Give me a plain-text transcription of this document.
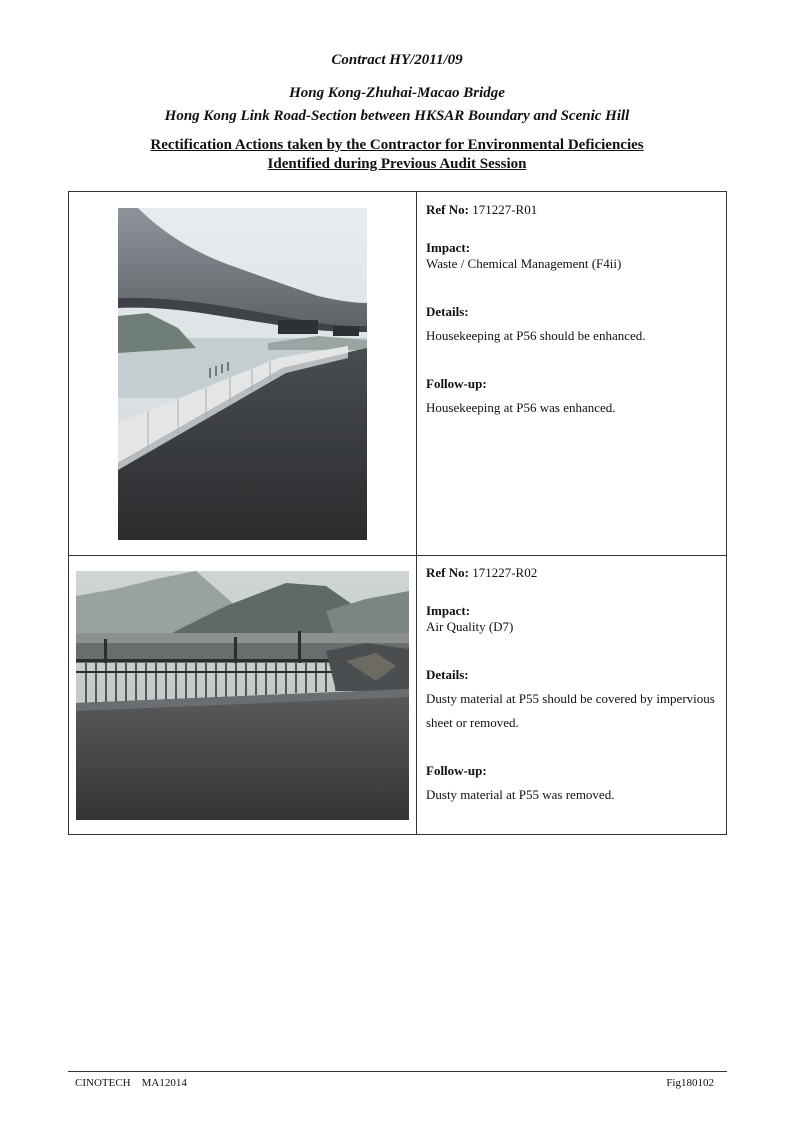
Contract HY/2011/09
Hong Kong-Zhuhai-Macao Bridge
Hong Kong Link Road-Section between HKSAR Boundary and Scenic Hill
Rectification Actions taken by the Contractor for Environmental Deficiencies
Identified during Previous Audit Session
Ref No: 171227-R01
Impact:
Waste / Chemical Management (F4ii)
Details:
Housekeeping at P56 should be enhanced.
Follow-up:
Housekeeping at P56 was enhanced.
Ref No: 171227-R02
Impact:
Air Quality (D7)
Details:
Dusty material at P55 should be covered by impervious
sheet or removed.
Follow-up:
Dusty material at P55 was removed.
CINOTECH    MA12014	Fig180102
